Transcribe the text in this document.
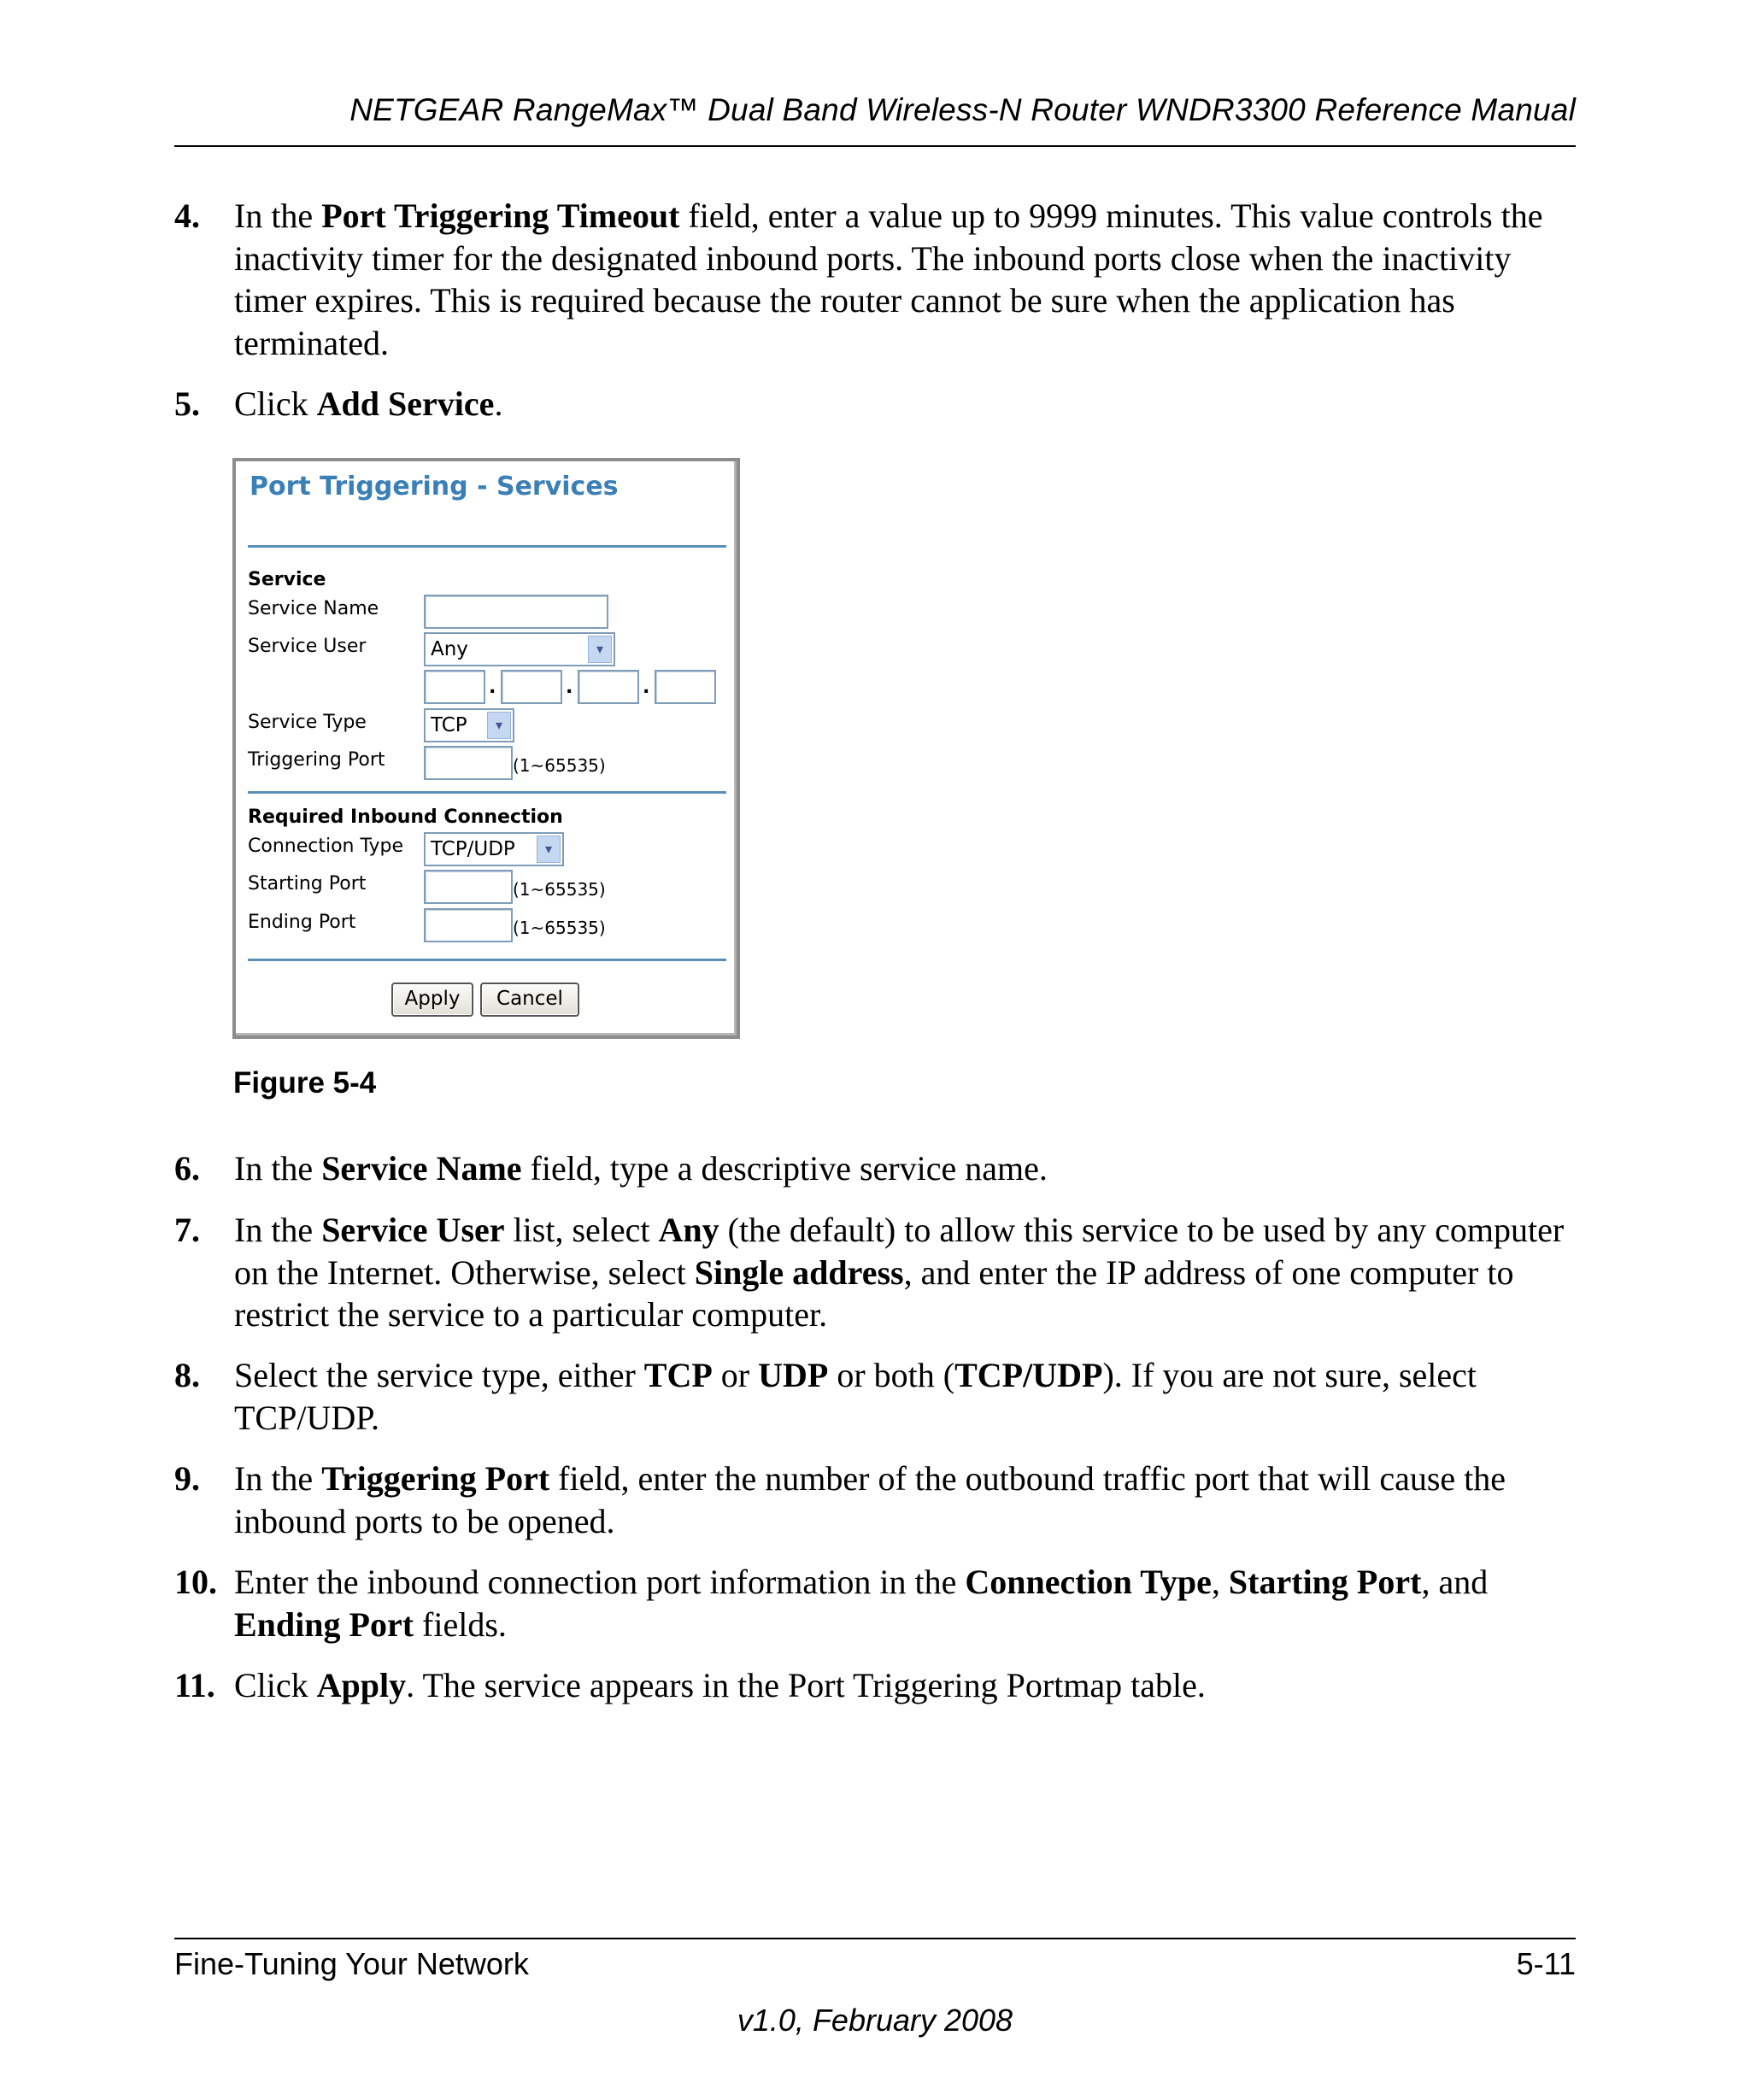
NETGEAR RangeMax™ Dual Band Wireless-N Router WNDR3300 Reference Manual
4. In the Port Triggering Timeout field, enter a value up to 9999 minutes. This value controls the inactivity timer for the designated inbound ports. The inbound ports close when the inactivity timer expires. This is required because the router cannot be sure when the application has terminated.
5. Click Add Service.
Port Triggering - Services
Service
Service Name
Service User	Any	▾
.	.	.
Service Type	TCP	▾
Triggering Port	(1~65535)
Required Inbound Connection
Connection Type	TCP/UDP	▾
Starting Port	(1~65535)
Ending Port	(1~65535)
Apply	Cancel
Figure 5-4
6. In the Service Name field, type a descriptive service name.
7. In the Service User list, select Any (the default) to allow this service to be used by any computer on the Internet. Otherwise, select Single address, and enter the IP address of one computer to restrict the service to a particular computer.
8. Select the service type, either TCP or UDP or both (TCP/UDP). If you are not sure, select TCP/UDP.
9. In the Triggering Port field, enter the number of the outbound traffic port that will cause the inbound ports to be opened.
10. Enter the inbound connection port information in the Connection Type, Starting Port, and Ending Port fields.
11. Click Apply. The service appears in the Port Triggering Portmap table.
Fine-Tuning Your Network	5-11
v1.0, February 2008
